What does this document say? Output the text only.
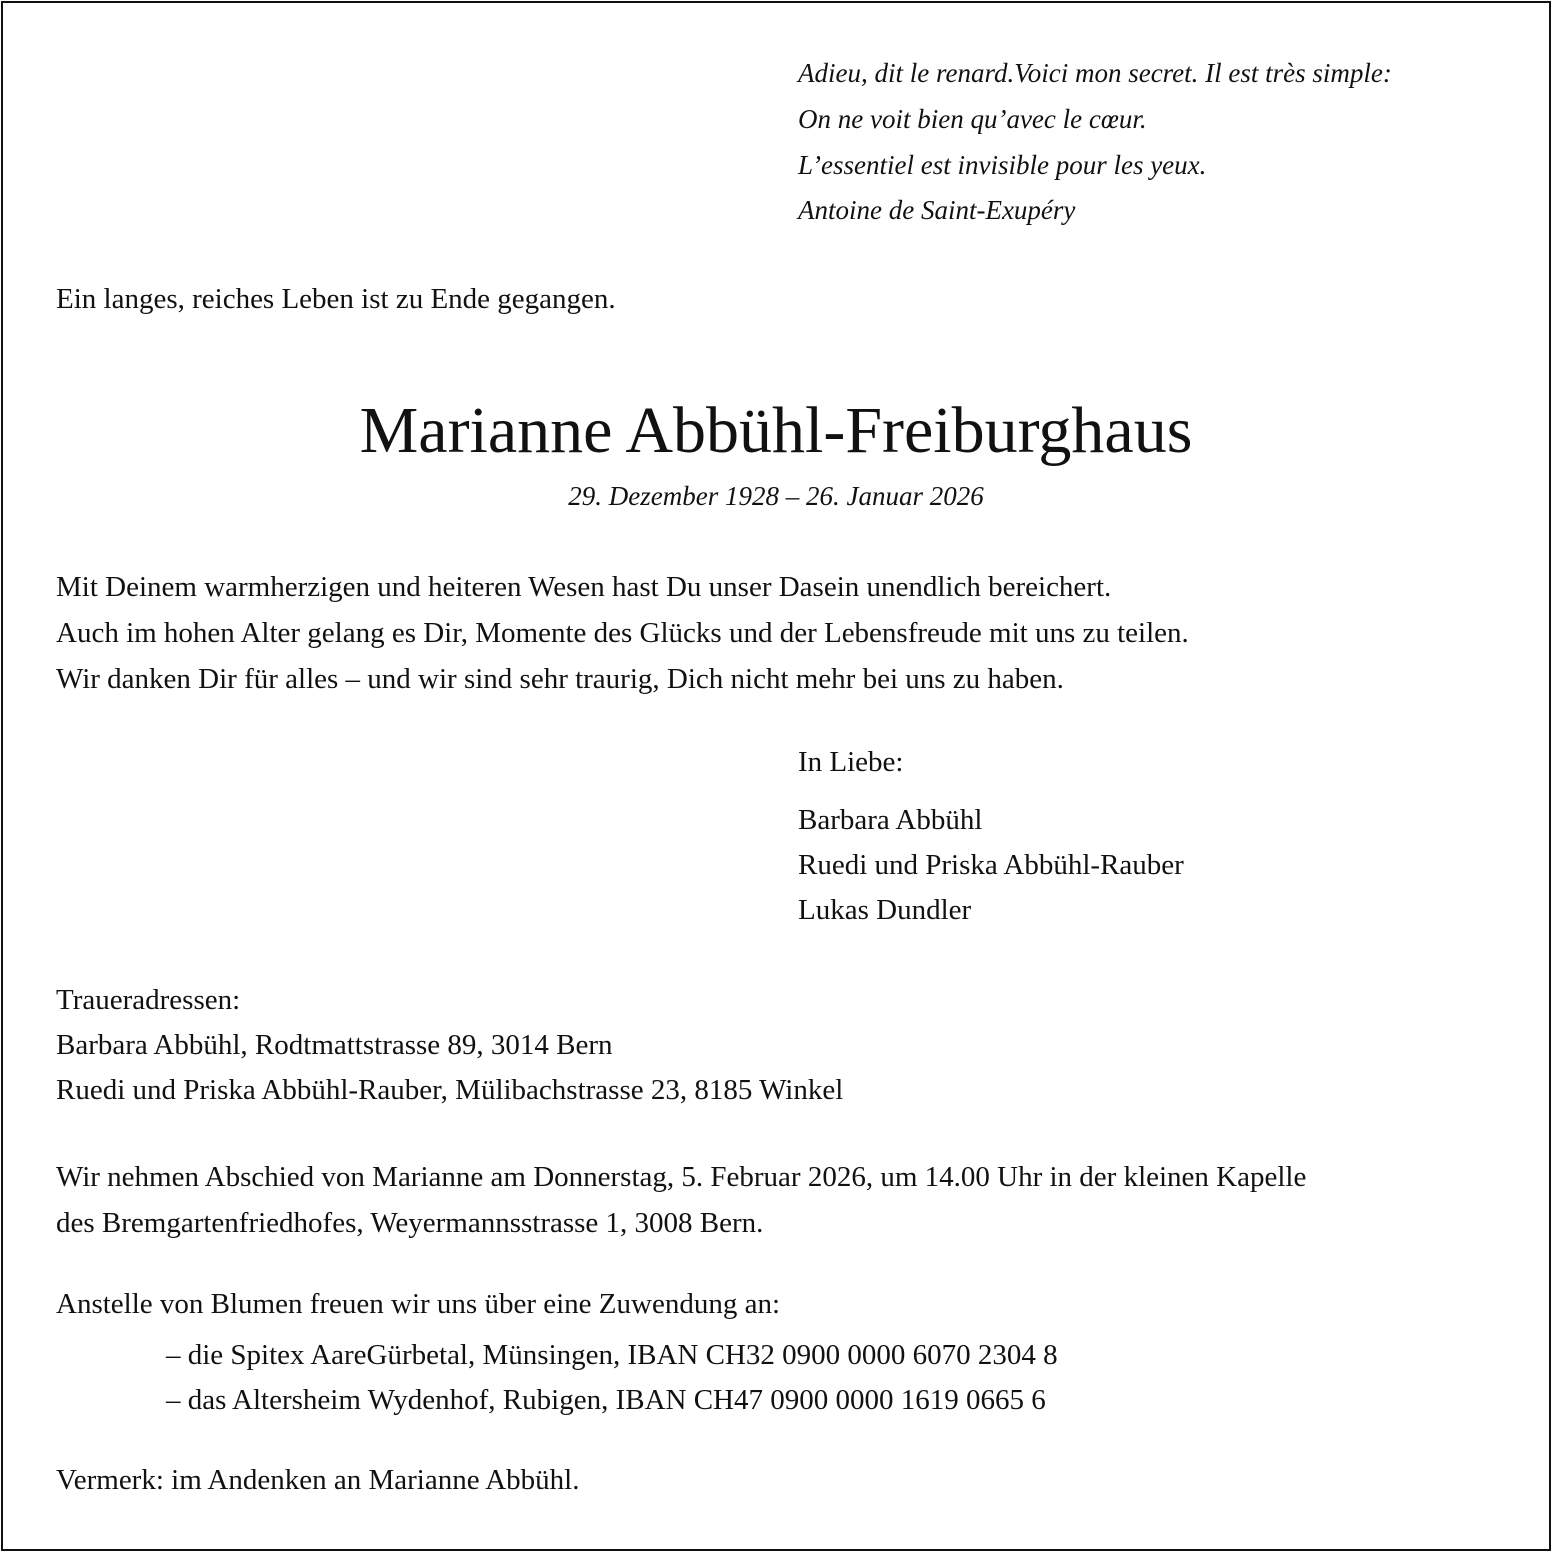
Adieu, dit le renard.Voici mon secret. Il est très simple:
On ne voit bien qu’avec le cœur.
L’essentiel est invisible pour les yeux.
Antoine de Saint-Exupéry
Ein langes, reiches Leben ist zu Ende gegangen.
Marianne Abbühl-Freiburghaus
29. Dezember 1928 – 26. Januar 2026
Mit Deinem warmherzigen und heiteren Wesen hast Du unser Dasein unendlich bereichert.
Auch im hohen Alter gelang es Dir, Momente des Glücks und der Lebensfreude mit uns zu teilen.
Wir danken Dir für alles – und wir sind sehr traurig, Dich nicht mehr bei uns zu haben.
In Liebe:
Barbara Abbühl
Ruedi und Priska Abbühl-Rauber
Lukas Dundler
Traueradressen:
Barbara Abbühl, Rodtmattstrasse 89, 3014 Bern
Ruedi und Priska Abbühl-Rauber, Mülibachstrasse 23, 8185 Winkel
Wir nehmen Abschied von Marianne am Donnerstag, 5. Februar 2026, um 14.00 Uhr in der kleinen Kapelle
des Bremgartenfriedhofes, Weyermannsstrasse 1, 3008 Bern.
Anstelle von Blumen freuen wir uns über eine Zuwendung an:
– die Spitex AareGürbetal, Münsingen, IBAN CH32 0900 0000 6070 2304 8
– das Altersheim Wydenhof, Rubigen, IBAN CH47 0900 0000 1619 0665 6
Vermerk: im Andenken an Marianne Abbühl.
